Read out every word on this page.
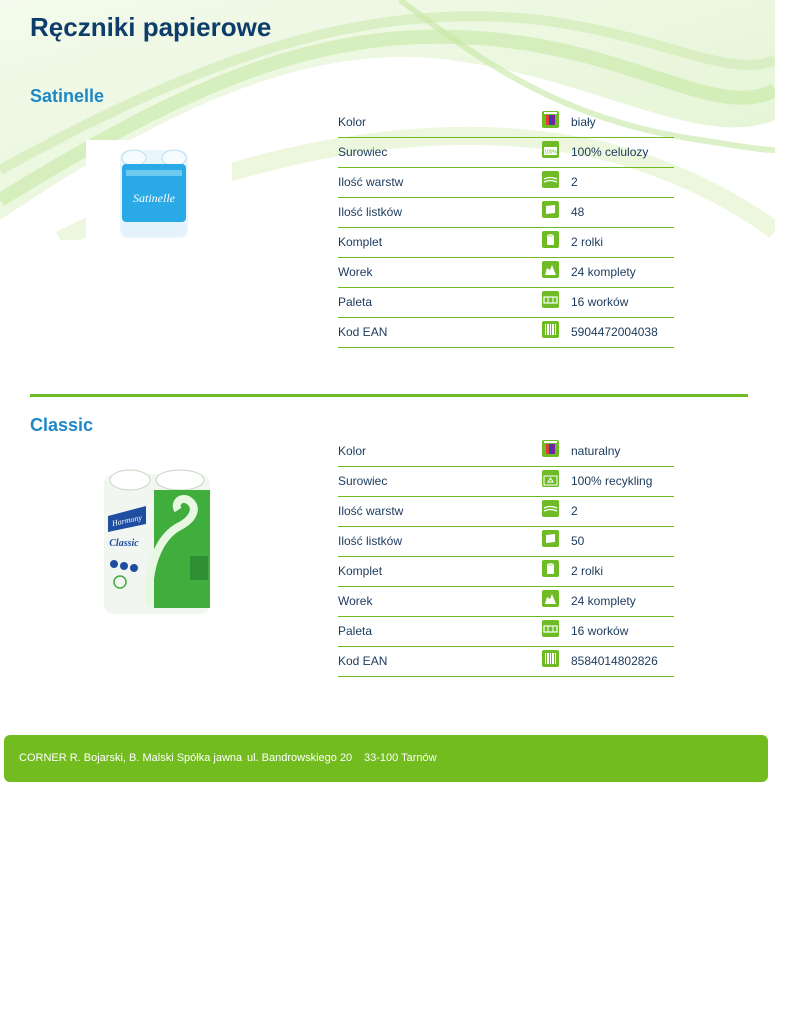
Ręczniki papierowe
Satinelle
Satinelle
Kolor	biały
Surowiec	100% 100% celulozy
Ilość warstw	2
Ilość listków	48
Komplet	2 rolki
Worek	24 komplety
Paleta	16 worków
Kod EAN	5904472004038
Classic
Harmony
Classic
Kolor	naturalny
Surowiec	100% recykling
Ilość warstw	2
Ilość listków	50
Komplet	2 rolki
Worek	24 komplety
Paleta	16 worków
Kod EAN	8584014802826
CORNER R. Bojarski, B. Malski Spółka jawna ul. Bandrowskiego 20 33-100 Tarnów
